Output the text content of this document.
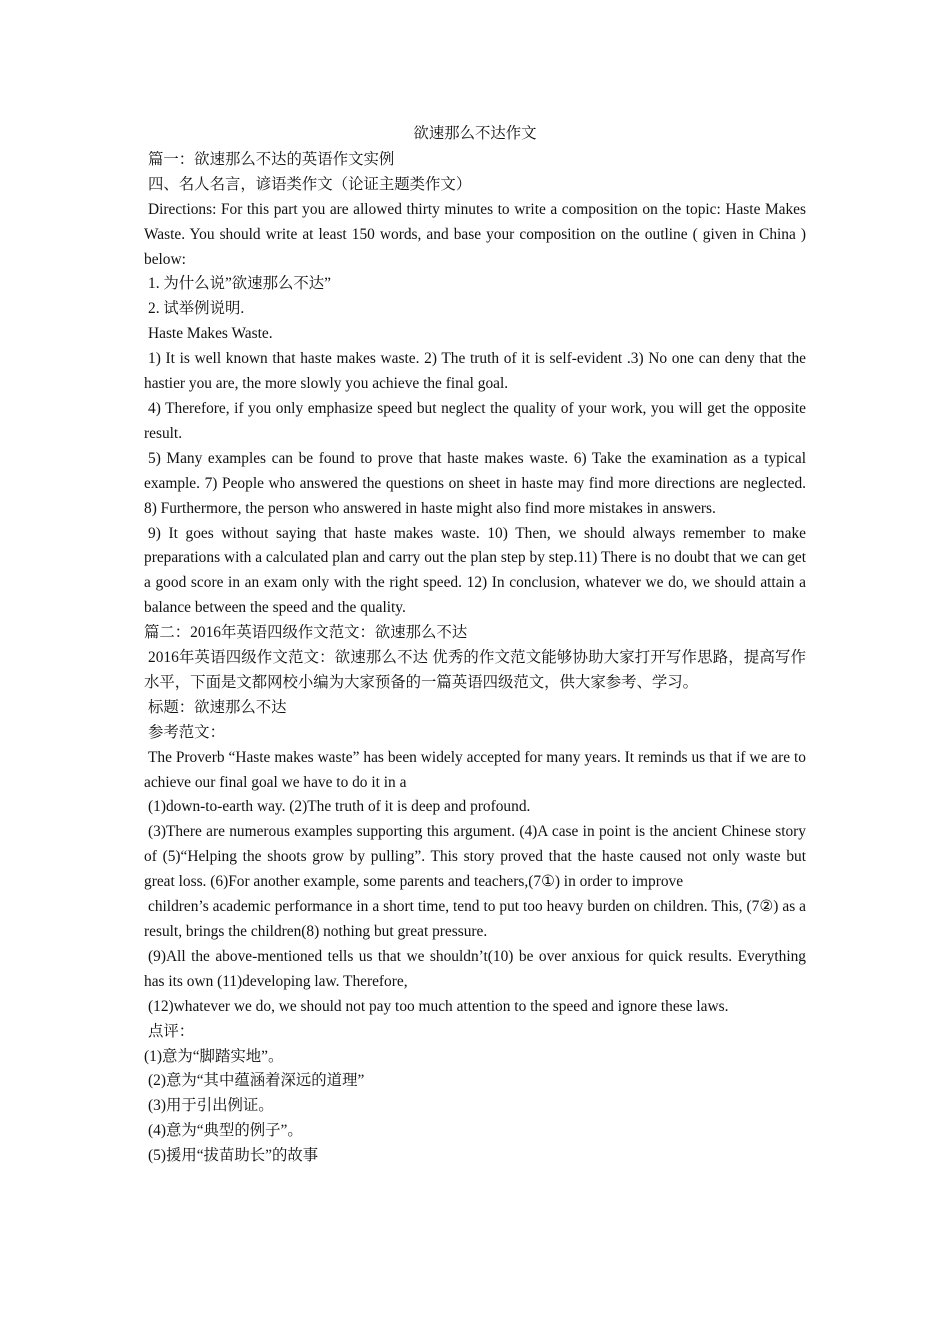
欲速那么不达作文

篇一：欲速那么不达的英语作文实例

四、名人名言，谚语类作文（论证主题类作文）

Directions: For this part you are allowed thirty minutes to write a composition on the topic: Haste Makes Waste. You should write at least 150 words, and base your composition on the outline ( given in China ) below:

1. 为什么说”欲速那么不达”

2. 试举例说明.

Haste Makes Waste.

1) It is well known that haste makes waste. 2) The truth of it is self-evident .3) No one can deny that the hastier you are, the more slowly you achieve the final goal.

4) Therefore, if you only emphasize speed but neglect the quality of your work, you will get the opposite result.

5) Many examples can be found to prove that haste makes waste. 6) Take the examination as a typical example. 7) People who answered the questions on sheet in haste may find more directions are neglected. 8) Furthermore, the person who answered in haste might also find more mistakes in answers.

9) It goes without saying that haste makes waste. 10) Then, we should always remember to make preparations with a calculated plan and carry out the plan step by step.11) There is no doubt that we can get a good score in an exam only with the right speed. 12) In conclusion, whatever we do, we should attain a balance between the speed and the quality.

篇二：2016年英语四级作文范文：欲速那么不达

2016年英语四级作文范文：欲速那么不达 优秀的作文范文能够协助大家打开写作思路，提高写作水平，下面是文都网校小编为大家预备的一篇英语四级范文，供大家参考、学习。

标题：欲速那么不达

参考范文：

The Proverb “Haste makes waste” has been widely accepted for many years. It reminds us that if we are to achieve our final goal we have to do it in a

(1)down-to-earth way. (2)The truth of it is deep and profound.

(3)There are numerous examples supporting this argument. (4)A case in point is the ancient Chinese story of (5)“Helping the shoots grow by pulling”. This story proved that the haste caused not only waste but great loss. (6)For another example, some parents and teachers,(7①) in order to improve

children’s academic performance in a short time, tend to put too heavy burden on children. This, (7②) as a result, brings the children(8) nothing but great pressure.

(9)All the above-mentioned tells us that we shouldn’t(10) be over anxious for quick results. Everything has its own (11)developing law. Therefore,

(12)whatever we do, we should not pay too much attention to the speed and ignore these laws.

点评：

(1)意为“脚踏实地”。

(2)意为“其中蕴涵着深远的道理”

(3)用于引出例证。

(4)意为“典型的例子”。

(5)援用“拔苗助长”的故事
